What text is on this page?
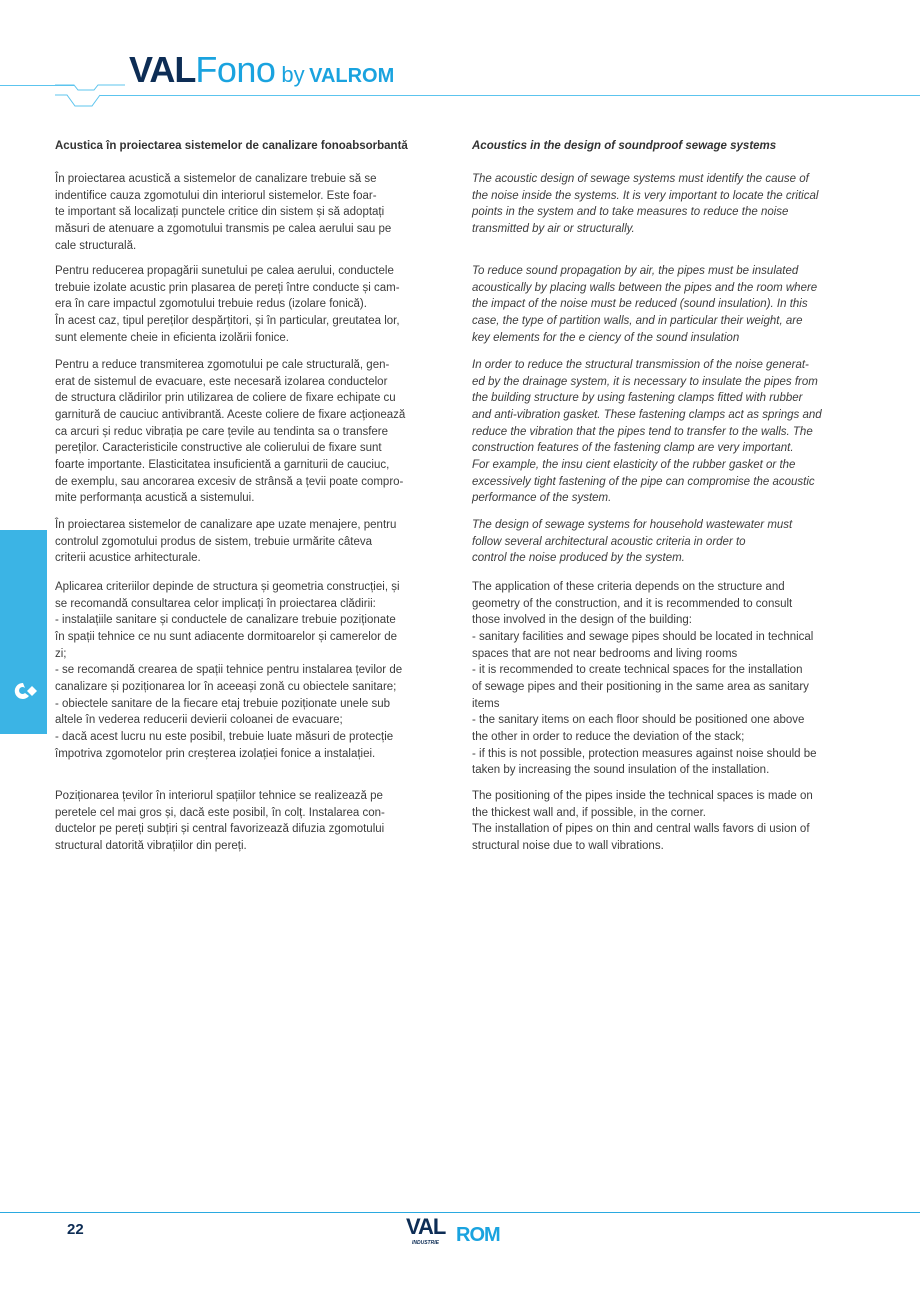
VALFono by VALROM
Acustica în proiectarea sistemelor de canalizare fonoabsorbantă
În proiectarea acustică a sistemelor de canalizare trebuie să se
indentifice cauza zgomotului din interiorul sistemelor. Este foar-
te important să localizați punctele critice din sistem și să adoptați
măsuri de atenuare a zgomotului transmis pe calea aerului sau pe
cale structurală.
Pentru reducerea propagării sunetului pe calea aerului, conductele
trebuie izolate acustic prin plasarea de pereți între conducte și cam-
era în care impactul zgomotului trebuie redus (izolare fonică).
În acest caz, tipul pereților despărțitori, și în particular, greutatea lor,
sunt elemente cheie in eficienta izolării fonice.
Pentru a reduce transmiterea zgomotului pe cale structurală, gen-
erat de sistemul de evacuare, este necesară izolarea conductelor
de structura clădirilor prin utilizarea de coliere de fixare echipate cu
garnitură de cauciuc antivibrantă. Aceste coliere de fixare acționează
ca arcuri și reduc vibrația pe care țevile au tendinta sa o transfere
pereților. Caracteristicile constructive ale colierului de fixare sunt
foarte importante. Elasticitatea insuficientă a garniturii de cauciuc,
de exemplu, sau ancorarea excesiv de strânsă a țevii poate compro-
mite performanța acustică a sistemului.
În proiectarea sistemelor de canalizare ape uzate menajere, pentru
controlul zgomotului produs de sistem, trebuie urmărite câteva
criterii acustice arhitecturale.
Aplicarea criteriilor depinde de structura și geometria construcției, și
se recomandă consultarea celor implicați în proiectarea clădirii:
- instalațiile sanitare și conductele de canalizare trebuie poziționate
în spații tehnice ce nu sunt adiacente dormitoarelor și camerelor de
zi;
- se recomandă crearea de spații tehnice pentru instalarea țevilor de
canalizare și poziționarea lor în aceeași zonă cu obiectele sanitare;
- obiectele sanitare de la fiecare etaj trebuie poziționate unele sub
altele în vederea reducerii devierii coloanei de evacuare;
- dacă acest lucru nu este posibil, trebuie luate măsuri de protecție
împotriva zgomotelor prin creșterea izolației fonice a instalației.
Poziționarea țevilor în interiorul spațiilor tehnice se realizează pe
peretele cel mai gros și, dacă este posibil, în colț. Instalarea con-
ductelor pe pereți subțiri și central favorizează difuzia zgomotului
structural datorită vibrațiilor din pereți.
Acoustics in the design of soundproof sewage systems
The acoustic design of sewage systems must identify the cause of
the noise inside the systems. It is very important to locate the critical
points in the system and to take measures to reduce the noise
transmitted by air or structurally.
To reduce sound propagation by air, the pipes must be insulated
acoustically by placing walls between the pipes and the room where
the impact of the noise must be reduced (sound insulation). In this
case, the type of partition walls, and in particular their weight, are
key elements for the e ciency of the sound insulation
In order to reduce the structural transmission of the noise generat-
ed by the drainage system, it is necessary to insulate the pipes from
the building structure by using fastening clamps fitted with rubber
and anti-vibration gasket. These fastening clamps act as springs and
reduce the vibration that the pipes tend to transfer to the walls. The
construction features of the fastening clamp are very important.
For example, the insu cient elasticity of the rubber gasket or the
excessively tight fastening of the pipe can compromise the acoustic
performance of the system.
The design of sewage systems for household wastewater must
follow several architectural acoustic criteria in order to
control the noise produced by the system.
The application of these criteria depends on the structure and
geometry of the construction, and it is recommended to consult
those involved in the design of the building:
- sanitary facilities and sewage pipes should be located in technical
spaces that are not near bedrooms and living rooms
- it is recommended to create technical spaces for the installation
of sewage pipes and their positioning in the same area as sanitary
items
- the sanitary items on each floor should be positioned one above
the other in order to reduce the deviation of the stack;
- if this is not possible, protection measures against noise should be
taken by increasing the sound insulation of the installation.
The positioning of the pipes inside the technical spaces is made on
the thickest wall and, if possible, in the corner.
The installation of pipes on thin and central walls favors di usion of
structural noise due to wall vibrations.
Canalizare / Sewage
22	VAL
INDUSTRIE ROM
